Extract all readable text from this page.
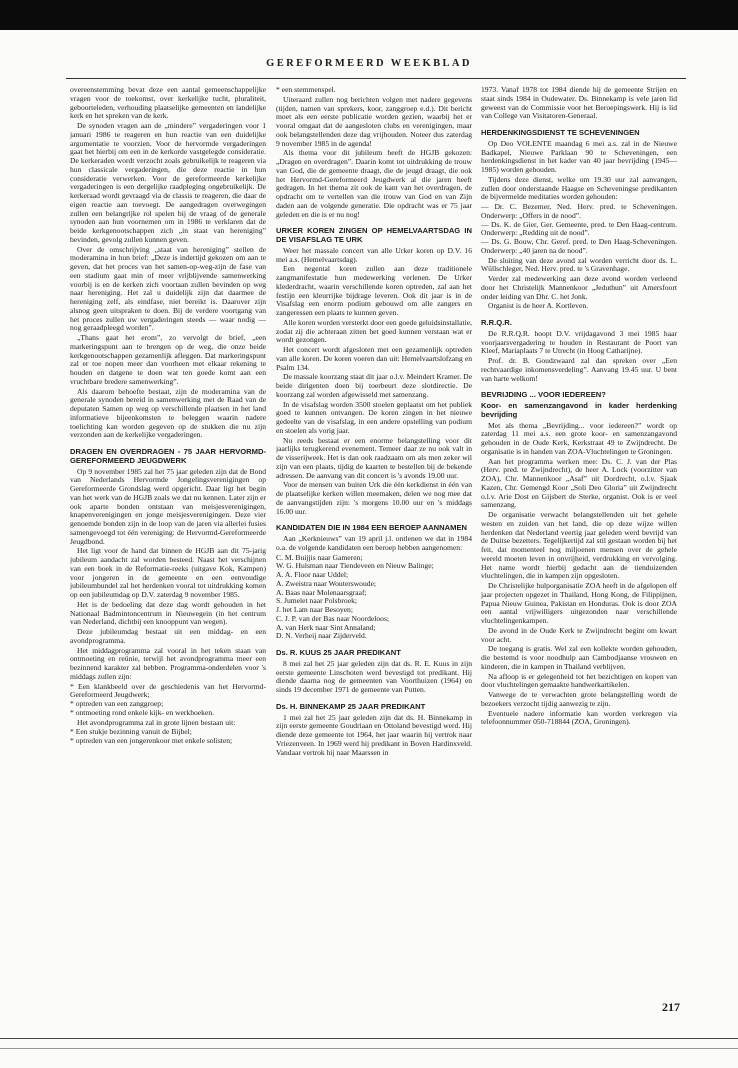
GEREFORMEERD WEEKBLAD

overeenstemming bevat deze een aantal gemeenschappelijke vragen voor de toekomst, over kerkelijke tucht, pluraliteit, geboorteleden, verhouding plaatselijke gemeenten en landelijke kerk en het spreken van de kerk.

De synoden vragen aan de „mindere” vergaderingen voor 1 januari 1986 te reageren en hun reactie van een duidelijke argumentatie te voorzien. Voor de hervormde vergaderingen gaat het hierbij om een in de kerkorde vastgelegde consideratie. De kerkeraden wordt verzocht zoals gebruikelijk te reageren via hun classicale vergaderingen, die deze reactie in hun consideratie verwerken. Voor de gereformeerde kerkelijke vergaderingen is een dergelijke raadpleging ongebruikelijk. De kerkeraad wordt gevraagd via de classis te reageren, die daar de eigen reactie aan toevoegt. De aangedragen overwegingen zullen een belangrijke rol spelen bij de vraag of de generale synoden aan hun voornemen om in 1986 te verklaren dat de beide kerkgenootschappen zich „in staat van hereniging” bevinden, gevolg zullen kunnen geven.

Over de omschrijving „staat van hereniging” stellen de moderamina in hun brief: „Deze is indertijd gekozen om aan te geven, dat het proces van het samen-op-weg-zijn de fase van een stadium gaat min of meer vrijblijvende samenwerking voorbij is en de kerken zich voortaan zullen bevinden op weg naar hereniging. Het zal u duidelijk zijn dat daarmee de hereniging zelf, als eindfase, niet bereikt is. Daarover zijn alsnog geen uitspraken te doen. Bij de verdere voortgang van het proces zullen uw vergaderingen steeds — waar nodig — nog geraadpleegd worden”.

„Thans gaat het erom”, zo vervolgt de brief, „een markeringspunt aan te brengen op de weg, die onze beide kerkgenootschappen gezamenlijk afleggen. Dat markeringspunt zal er toe nopen meer dan voorheen met elkaar rekening te houden en datgene te doen wat ten goede komt aan een vruchtbare bredere samenwerking”.

Als daarom behoefte bestaat, zijn de moderamina van de generale synoden bereid in samenwerking met de Raad van de deputaten Samen op weg op verschillende plaatsen in het land informatieve bijeenkomsten te beleggen waarin nadere toelichting kan worden gegeven op de stukken die nu zijn verzonden aan de kerkelijke vergaderingen.

DRAGEN EN OVERDRAGEN - 75 JAAR HERVORMD-GEREFORMEERD JEUGDWERK

Op 9 november 1985 zal het 75 jaar geleden zijn dat de Bond van Nederlands Hervormde Jongelingsverenigingen op Gereformeerde Grondslag werd opgericht. Daar ligt het begin van het werk van de HGJB zoals we dat nu kennen. Later zijn er ook aparte bonden ontstaan van meisjesverenigingen, knapenverenigingen en jonge meisjesverenigingen. Deze vier genoemde bonden zijn in de loop van de jaren via allerlei fusies samengevoegd tot één vereniging: de Hervormd-Gereformeerde Jeugdbond.

Het ligt voor de hand dat binnen de HGJB aan dit 75-jarig jubileum aandacht zal worden besteed. Naast het verschijnen van een boek in de Reformatie-reeks (uitgave Kok, Kampen) voor jongeren in de gemeente en een eenvoudige jubileumbundel zal het herdenken vooral tot uitdrukking komen op een jubileumdag op D.V. zaterdag 9 november 1985.

Het is de bedoeling dat deze dag wordt gehouden in het Nationaal Badmintoncentrum in Nieuwegein (in het centrum van Nederland, dichtbij een knooppunt van wegen).

Deze jubileumdag bestaat uit een middag- en een avondprogramma.

Het middagprogramma zal vooral in het teken staan van ontmoeting en reünie, terwijl het avondprogramma meer een bezinnend karakter zal hebben. Programma-onderdelen voor 's middags zullen zijn:

* Een klankbeeld over de geschiedenis van het Hervormd-Gereformeerd Jeugdwerk;
* optreden van een zanggroep;
* ontmoeting rond enkele kijk- en werkhoeken.

Het avondprogramma zal in grote lijnen bestaan uit:

* Een stukje bezinning vanuit de Bijbel;
* optreden van een jongerenkoor met enkele solisten;
* een stemmenspel.

Uiteraard zullen nog berichten volgen met nadere gegevens (tijden, namen van sprekers, koor, zanggroep e.d.). Dit bericht moet als een eerste publicatie worden gezien, waarbij het er vooral omgaat dat de aangesloten clubs en verenigingen, maar ook belangstellenden deze dag vrijhouden. Noteer dus zaterdag 9 november 1985 in de agenda!

Als thema voor dit jubileum heeft de HGJB gekozen: „Dragen en overdragen”. Daarin komt tot uitdrukking de trouw van God, die de gemeente draagt, die de jeugd draagt, die ook het Hervormd-Gereformeerd Jeugdwerk al die jaren heeft gedragen. In het thema zit ook de kant van het overdragen, de opdracht om te vertellen van die trouw van God en van Zijn daden aan de volgende generatie. Die opdracht was er 75 jaar geleden en die is er nu nog!

URKER KOREN ZINGEN OP HEMELVAARTSDAG IN DE VISAFSLAG TE URK

Weer het massale concert van alle Urker koren op D.V. 16 mei a.s. (Hemelvaartsdag).

Een negental koren zullen aan deze traditionele zangmanifestatie hun medewerking verlenen. De Urker klederdracht, waarin verschillende koren optreden, zal aan het festijn een kleurrijke bijdrage leveren. Ook dit jaar is in de Visafslag een enorm podium gebouwd om alle zangers en zangeressen een plaats te kunnen geven.

Alle koren worden versterkt door een goede geluidsinstallatie, zodat zij die achteraan zitten het goed kunnen verstaan wat er wordt gezongen.

Het concert wordt afgesloten met een gezamenlijk optreden van alle koren. De koren voeren dan uit: Hemelvaartslofzang en Psalm 134.

De massale koorzang staat dit jaar o.l.v. Meindert Kramer. De beide dirigenten doen bij toerbeurt deze slotdirectie. De koorzang zal worden afgewisseld met samenzang.

In de visafslag worden 3500 stoelen geplaatst om het publiek goed te kunnen ontvangen. De koren zingen in het nieuwe gedeelte van de visafslag, in een andere opstelling van podium en stoelen als vorig jaar.

Nu reeds bestaat er een enorme belangstelling voor dit jaarlijks terugkerend evenement. Temeer daar ze nu ook valt in de visserijweek. Het is dan ook raadzaam om als men zeker wil zijn van een plaats, tijdig de kaarten te bestellen bij de bekende adressen. De aanvang van dit concert is 's avonds 19.00 uur.

Voor de mensen van buiten Urk die één kerkdienst in één van de plaatselijke kerken willen meemaken, delen we nog mee dat de aanvangstijden zijn: 's morgens 10.00 uur en 's middags 16.00 uur.

KANDIDATEN DIE IN 1984 EEN BEROEP AANNAMEN

Aan „Kerknieuws” van 19 april j.l. ontlenen we dat in 1984 o.a. de volgende kandidaten een beroep hebben aangenomen:

C. M. Buijjis naar Gameren;
W. G. Hulsman naar Tiendeveen en Nieuw Balinge;
A. A. Floor naar Uddel;
A. Zweistra naar Wouterswoude;
A. Baas naar Molenaarsgraaf;
S. Jumelet naar Polsbroek;
J. het Lam naar Besoyen;
C. J. P. van der Bas naar Noordeloos;
A. van Herk naar Sint Annaland;
D. N. Verheij naar Zijderveld.
Ds. R. KUUS 25 JAAR PREDIKANT

8 mei zal het 25 jaar geleden zijn dat ds. R. E. Kuus in zijn eerste gemeente Linschoten werd bevestigd tot predikant. Hij diende daarna nog de gemeenten van Voorthuizen (1964) en sinds 19 december 1971 de gemeente van Putten.

Ds. H. BINNEKAMP 25 JAAR PREDIKANT

1 mei zal het 25 jaar geleden zijn dat ds. H. Binnekamp in zijn eerste gemeente Goudriaan en Ottoland bevestigd werd. Hij diende deze gemeente tot 1964, het jaar waarin hij vertrok naar Vriezenveen. In 1969 werd hij predikant in Boven Hardinxveld. Vandaar vertrok hij naar Maarssen in

1973. Vanaf 1978 tot 1984 diende hij de gemeente Strijen en staat sinds 1984 in Oudewater. Ds. Binnekamp is vele jaren lid geweest van de Commissie voor het Beroepingswerk. Hij is lid van College van Visitatoren-Generaal.

HERDENKINGSDIENST TE SCHEVENINGEN

Op Deo VOLENTE maandag 6 mei a.s. zal in de Nieuwe Badkapel, Nieuwe Parklaan 90 te Scheveningen, een herdenkingsdienst in het kader van 40 jaar bevrijding (1945—1985) worden gehouden.

Tijdens deze dienst, welke om 19.30 uur zal aanvangen, zullen door onderstaande Haagse en Scheveningse predikanten de bijvermelde meditaties worden gehouden:

— Dr. C. Bezemer, Ned. Herv. pred. te Scheveningen. Onderwerp: „Offers in de nood”.
— Ds. K. de Gier, Ger. Gemeente, pred. te Den Haag-centrum. Onderwerp: „Redding uit de nood”.
— Ds. G. Bouw, Chr. Geref. pred. te Den Haag-Scheveningen. Onderwerp: „40 jaren na de nood”.

De sluiting van deze avond zal worden verricht door ds. L. Wüllschleger, Ned. Herv. pred. te 's Gravenhage.

Verder zal medewerking aan deze avond worden verleend door het Christelijk Mannenkoor „Jeduthun” uit Amersfoort onder leiding van Dhr. C. het Jonk.

Organist is de heer A. Kortleven.

R.R.Q.R.

De R.R.Q.R. hoopt D.V. vrijdagavond 3 mei 1985 haar voorjaarsvergadering te houden in Restaurant de Poort van Kleef, Mariaplaats 7 te Utrecht (in Hoog Catharijne).

Prof. dr. B. Goudzwaard zal dan spreken over „Een rechtvaardige inkomensverdeling”. Aanvang 19.45 uur. U bent van harte welkom!

BEVRIJDING ... VOOR IEDEREEN?
Koor- en samenzangavond in kader herdenking bevrijding

Met als thema „Bevrijding... voor iedereen?” wordt op zaterdag 11 mei a.s. een grote koor- en samenzangavond gehouden in de Oude Kerk, Kerkstraat 49 te Zwijndrecht. De organisatie is in handen van ZOA-Vluchtelingen te Groningen.

Aan het programma werken mee: Ds. C. J. van der Plas (Herv. pred. te Zwijndrecht), de heer A. Lock (voorzitter van ZOA), Chr. Mannenkoor „Asaf” uit Dordrecht, o.l.v. Sjaak Kazen, Chr. Gemengd Koor „Soli Deo Gloria” uit Zwijndrecht o.l.v. Arie Dost en Gijsbert de Sterke, organist. Ook is er veel samenzang.

De organisatie verwacht belangstellenden uit het gehele westen en zuiden van het land, die op deze wijze willen herdenken dat Nederland veertig jaar geleden werd bevrijd van de Duitse bezetters. Tegelijkertijd zal stil gestaan worden bij het feit, dat momenteel nog miljoenen mensen over de gehele wereld moeten leven in onvrijheid, verdrukking en vervolging. Het name wordt hierbij gedacht aan de tienduizenden vluchtelingen, die in kampen zijn opgesloten.

De Christelijke hulporganisatie ZOA heeft in de afgelopen elf jaar projecten opgezet in Thailand, Hong Kong, de Filippijnen, Papua Nieuw Guinea, Pakistan en Honduras. Ook is door ZOA een aantal vrijwilligers uitgezonden naar verschillende vluchtelingenkampen.

De avond in de Oude Kerk te Zwijndrecht begint om kwart voor acht.

De toegang is gratis. Wel zal een kollekte worden gehouden, die bestemd is voor noodhulp aan Cambodjaanse vrouwen en kinderen, die in kampen in Thailand verblijven.

Na afloop is er gelegenheid tot het bezichtigen en kopen van door vluchtelingen gemaakte handwerkartikelen.

Vanwege de te verwachten grote belangstelling wordt de bezoekers verzocht tijdig aanwezig te zijn.

Eventuele nadere informatie kan worden verkregen via telefoonnummer 050-718844 (ZOA, Groningen).

217
